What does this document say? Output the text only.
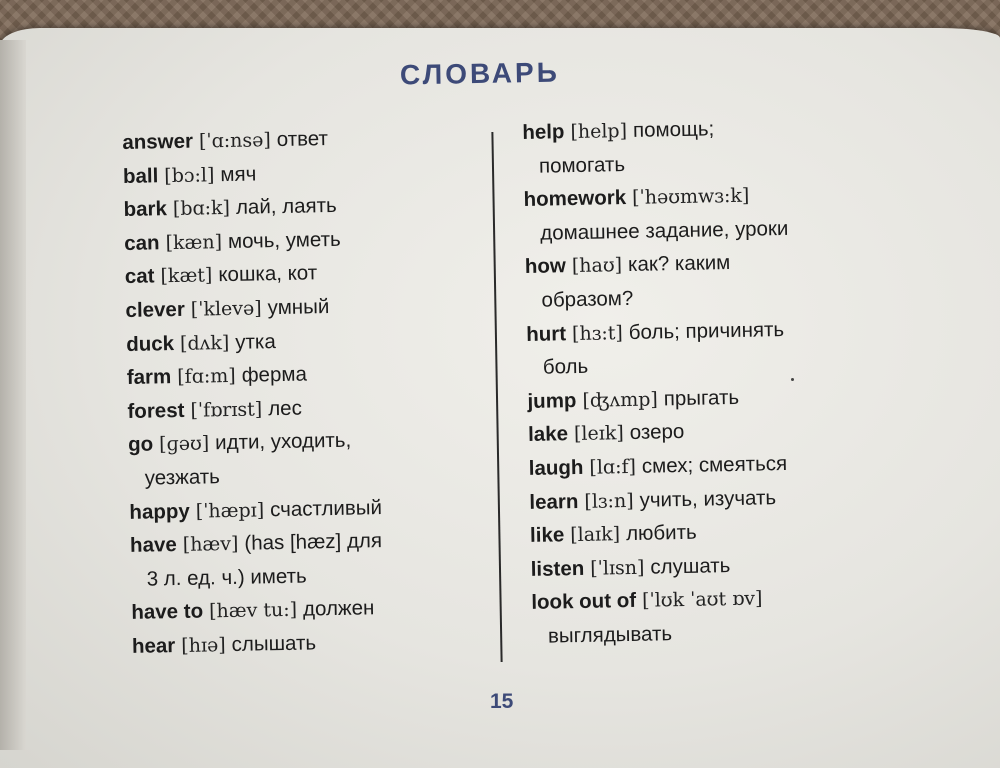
СЛОВАРЬ
answer [ˈɑ:nsə] ответ
ball [bɔ:l] мяч
bark [bɑ:k] лай, лаять
can [kæn] мочь, уметь
cat [kæt] кошка, кот
clever [ˈklevə] умный
duck [dʌk] утка
farm [fɑ:m] ферма
forest [ˈfɒrɪst] лес
go [ɡəʊ] идти, уходить,
уезжать
happy [ˈhæpɪ] счастливый
have [hæv] (has [hæz] для
3 л. ед. ч.) иметь
have to [hæv tu:] должен
hear [hɪə] слышать
help [help] помощь;
помогать
homework [ˈhəʊmwɜ:k]
домашнее задание, уроки
how [haʊ] как? каким
образом?
hurt [hɜ:t] боль; причинять
боль
jump [ʤʌmp] прыгать
lake [leɪk] озеро
laugh [lɑ:f] смех; смеяться
learn [lɜ:n] учить, изучать
like [laɪk] любить
listen [ˈlɪsn] слушать
look out of [ˈlʊk ˈaʊt ɒv]
выглядывать
15
